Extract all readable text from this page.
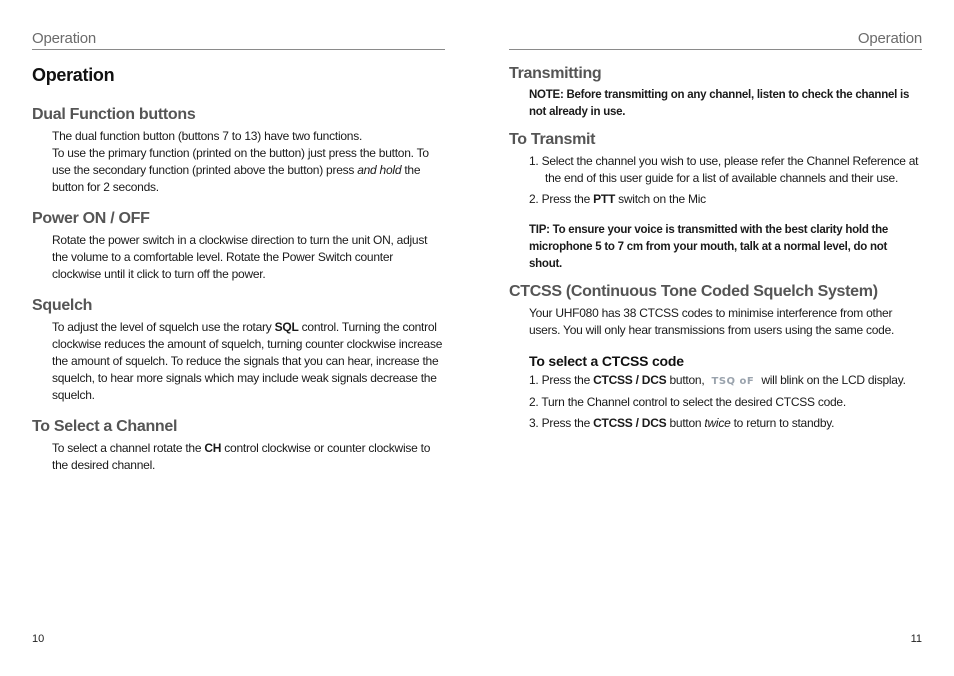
Operation
Operation
Dual Function buttons

The dual function button (buttons 7 to 13) have two functions.
To use the primary function (printed on the button) just press the button. To use the secondary function (printed above the button) press and hold the button for 2 seconds.

Power ON / OFF

Rotate the power switch in a clockwise direction to turn the unit ON, adjust the volume to a comfortable level. Rotate the Power Switch counter clockwise until it click to turn off the power.

Squelch

To adjust the level of squelch use the rotary SQL control. Turning the control clockwise reduces the amount of squelch, turning counter clockwise increase the amount of squelch. To reduce the signals that you can hear, increase the squelch, to hear more signals which may include weak signals decrease the squelch.

To Select a Channel

To select a channel rotate the CH control clockwise or counter clockwise to the desired channel.

10
Operation
Transmitting

NOTE: Before transmitting on any channel, listen to check the channel is not already in use.

To Transmit
1. Select the channel you wish to use, please refer the Channel Reference at the end of this user guide for a list of available channels and their use.
2. Press the PTT switch on the Mic

TIP: To ensure your voice is transmitted with the best clarity hold the microphone 5 to 7 cm from your mouth, talk at a normal level, do not shout.

CTCSS (Continuous Tone Coded Squelch System)

Your UHF080 has 38 CTCSS codes to minimise interference from other users. You will only hear transmissions from users using the same code.

To select a CTCSS code
1. Press the CTCSS / DCS button, TSQ oF will blink on the LCD display.
2. Turn the Channel control to select the desired CTCSS code.
3. Press the CTCSS / DCS button twice to return to standby.
11
